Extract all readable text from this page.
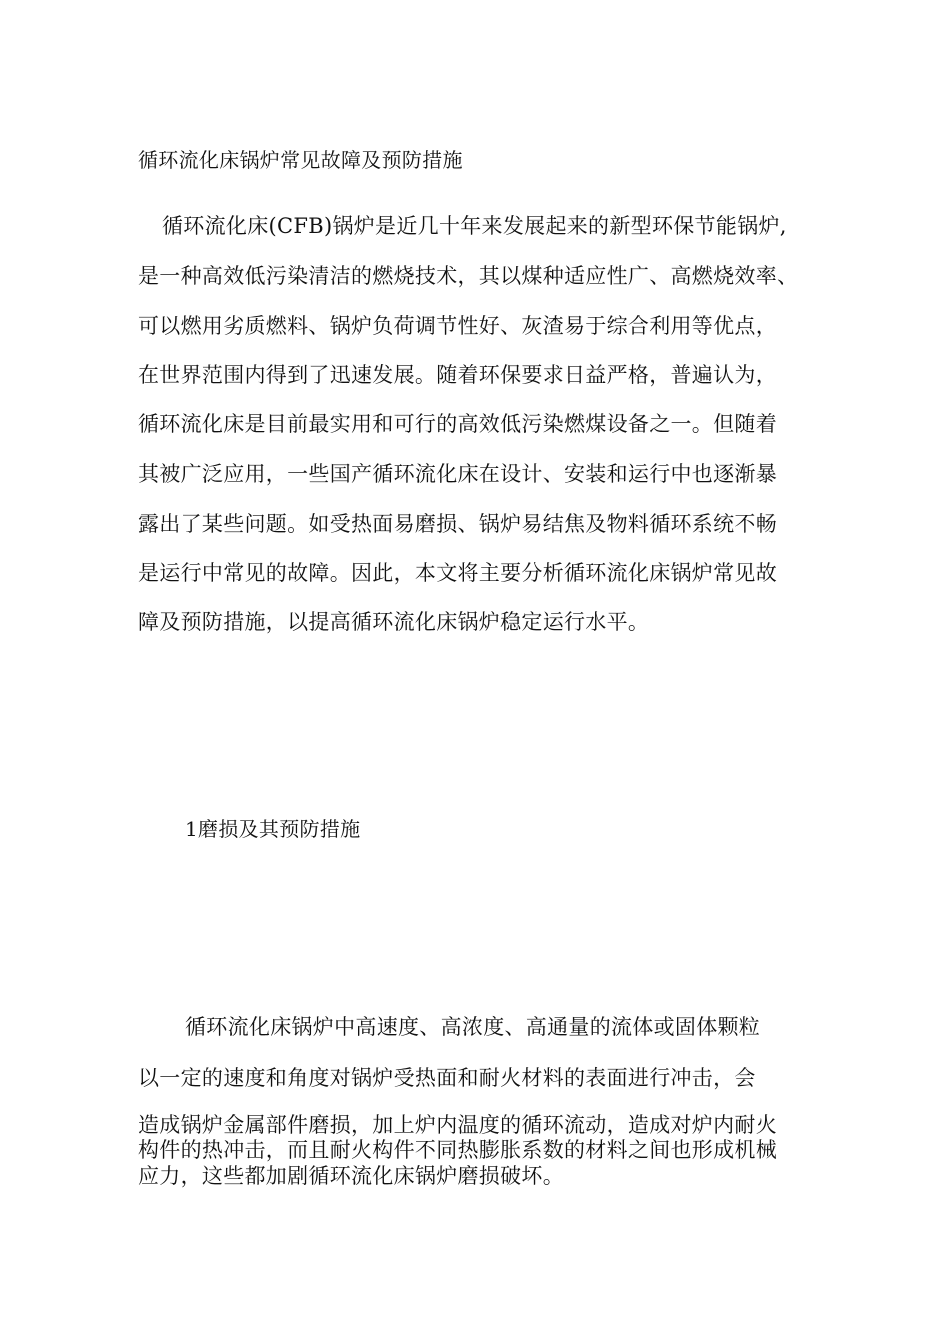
循环流化床锅炉常见故障及预防措施

循环流化床(CFB)锅炉是近几十年来发展起来的新型环保节能锅炉,

是一种高效低污染清洁的燃烧技术，其以煤种适应性广、高燃烧效率、

可以燃用劣质燃料、锅炉负荷调节性好、灰渣易于综合利用等优点，

在世界范围内得到了迅速发展。随着环保要求日益严格，普遍认为，

循环流化床是目前最实用和可行的高效低污染燃煤设备之一。但随着

其被广泛应用，一些国产循环流化床在设计、安装和运行中也逐渐暴

露出了某些问题。如受热面易磨损、锅炉易结焦及物料循环系统不畅

是运行中常见的故障。因此，本文将主要分析循环流化床锅炉常见故

障及预防措施，以提高循环流化床锅炉稳定运行水平。

1磨损及其预防措施

循环流化床锅炉中高速度、高浓度、高通量的流体或固体颗粒

以一定的速度和角度对锅炉受热面和耐火材料的表面进行冲击，会

造成锅炉金属部件磨损，加上炉内温度的循环流动，造成对炉内耐火

构件的热冲击，而且耐火构件不同热膨胀系数的材料之间也形成机械

应力，这些都加剧循环流化床锅炉磨损破坏。
